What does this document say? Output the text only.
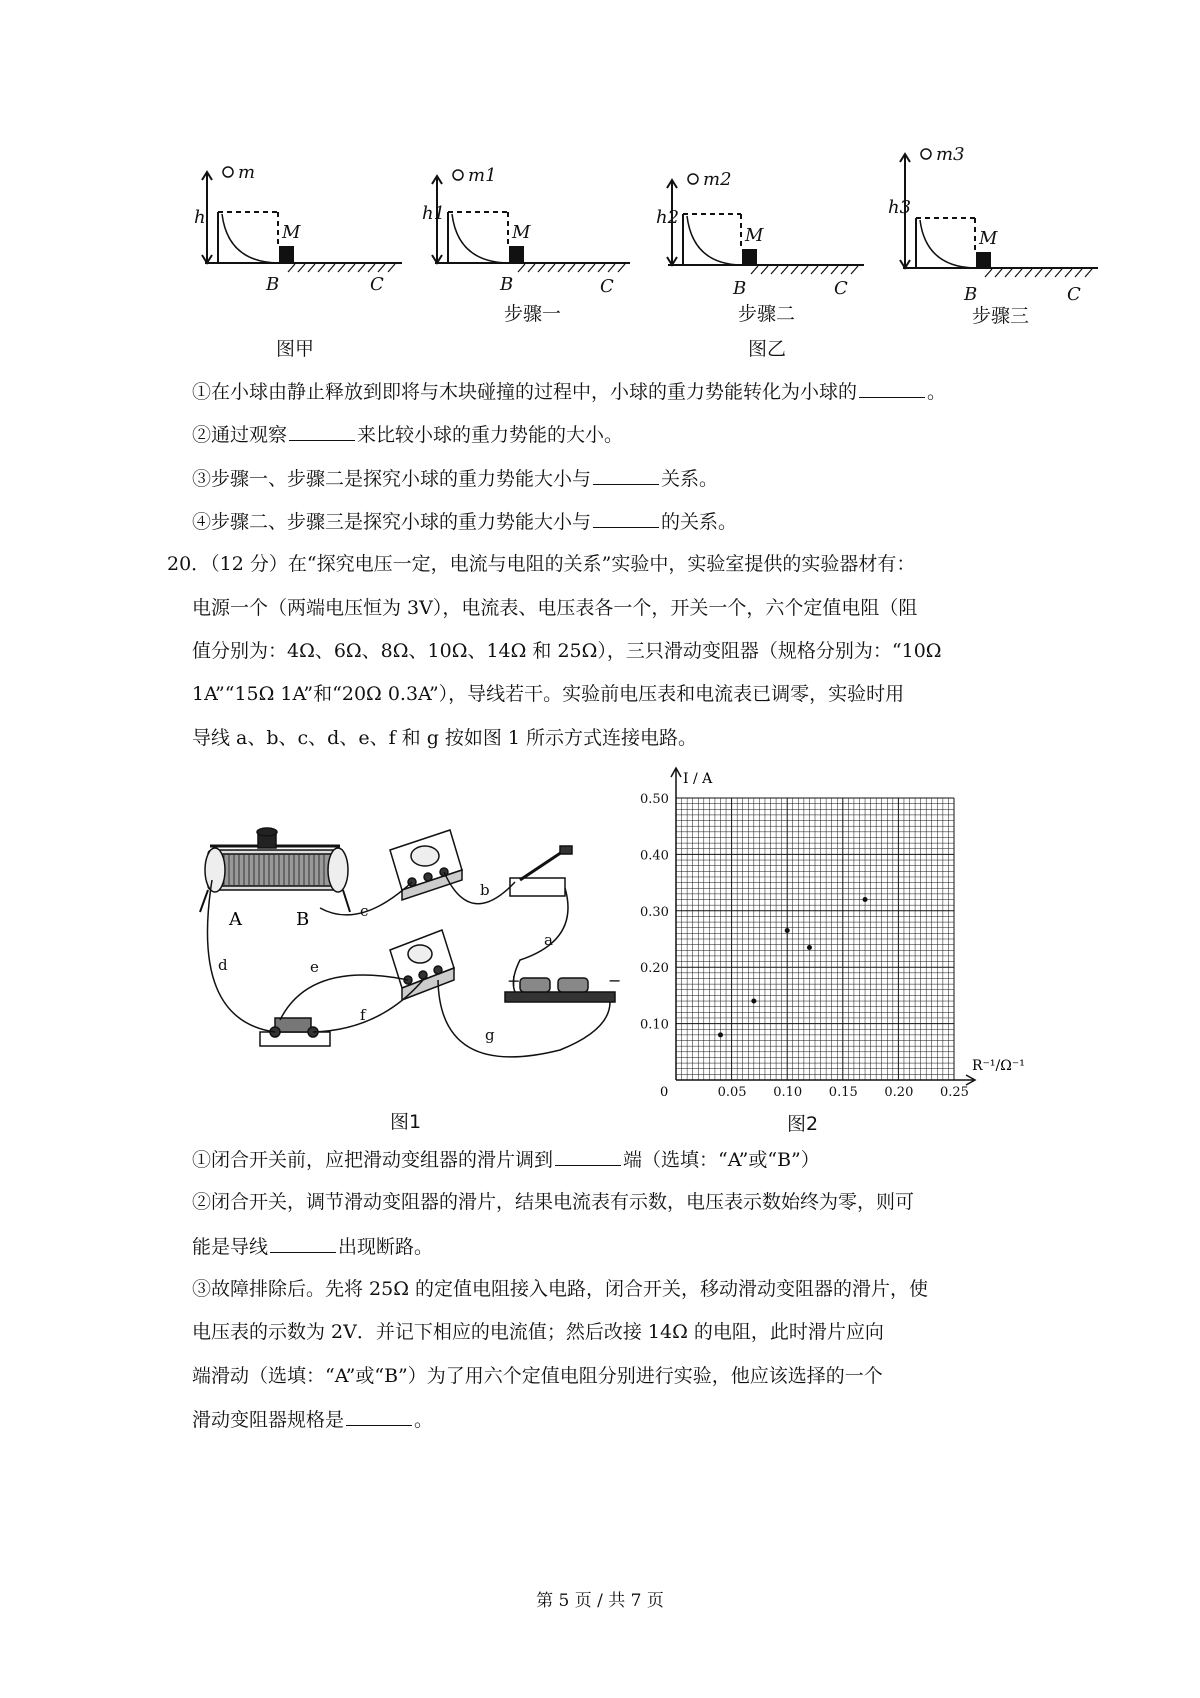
m	m1	m2
m3
h	h1	h2	h3
M	M	M	M
B	C	B	C	B	C	B	C
步骤一	步骤二	步骤三
图甲	图乙
①在小球由静止释放到即将与木块碰撞的过程中，小球的重力势能转化为小球的	。
②通过观察	来比较小球的重力势能的大小。
③步骤一、步骤二是探究小球的重力势能大小与	关系。
④步骤二、步骤三是探究小球的重力势能大小与	的关系。
20．（12 分）在“探究电压一定，电流与电阻的关系”实验中，实验室提供的实验器材有：
电源一个（两端电压恒为 3V），电流表、电压表各一个，开关一个，六个定值电阻（阻
值分别为：4Ω、6Ω、8Ω、10Ω、14Ω 和 25Ω），三只滑动变阻器（规格分别为：“10Ω
1A”“15Ω 1A”和“20Ω 0.3A”），导线若干。实验前电压表和电流表已调零，实验时用
导线 a、b、c、d、e、f 和 g 按如图 1 所示方式连接电路。
A	B
+	−
b
c
a
d	e
f
g
图1
0.05 0.10 0.15 0.20 0.25
0.10
0.20
0.30
0.40
0.50
I / A
R⁻¹/Ω⁻¹
0
图2
①闭合开关前，应把滑动变组器的滑片调到	端（选填：“A”或“B”）
②闭合开关，调节滑动变阻器的滑片，结果电流表有示数，电压表示数始终为零，则可
能是导线	出现断路。
③故障排除后。先将 25Ω 的定值电阻接入电路，闭合开关，移动滑动变阻器的滑片，使
电压表的示数为 2V．并记下相应的电流值；然后改接 14Ω 的电阻，此时滑片应向
端滑动（选填：“A”或“B”）为了用六个定值电阻分别进行实验，他应该选择的一个
滑动变阻器规格是	。
第 5 页 / 共 7 页
